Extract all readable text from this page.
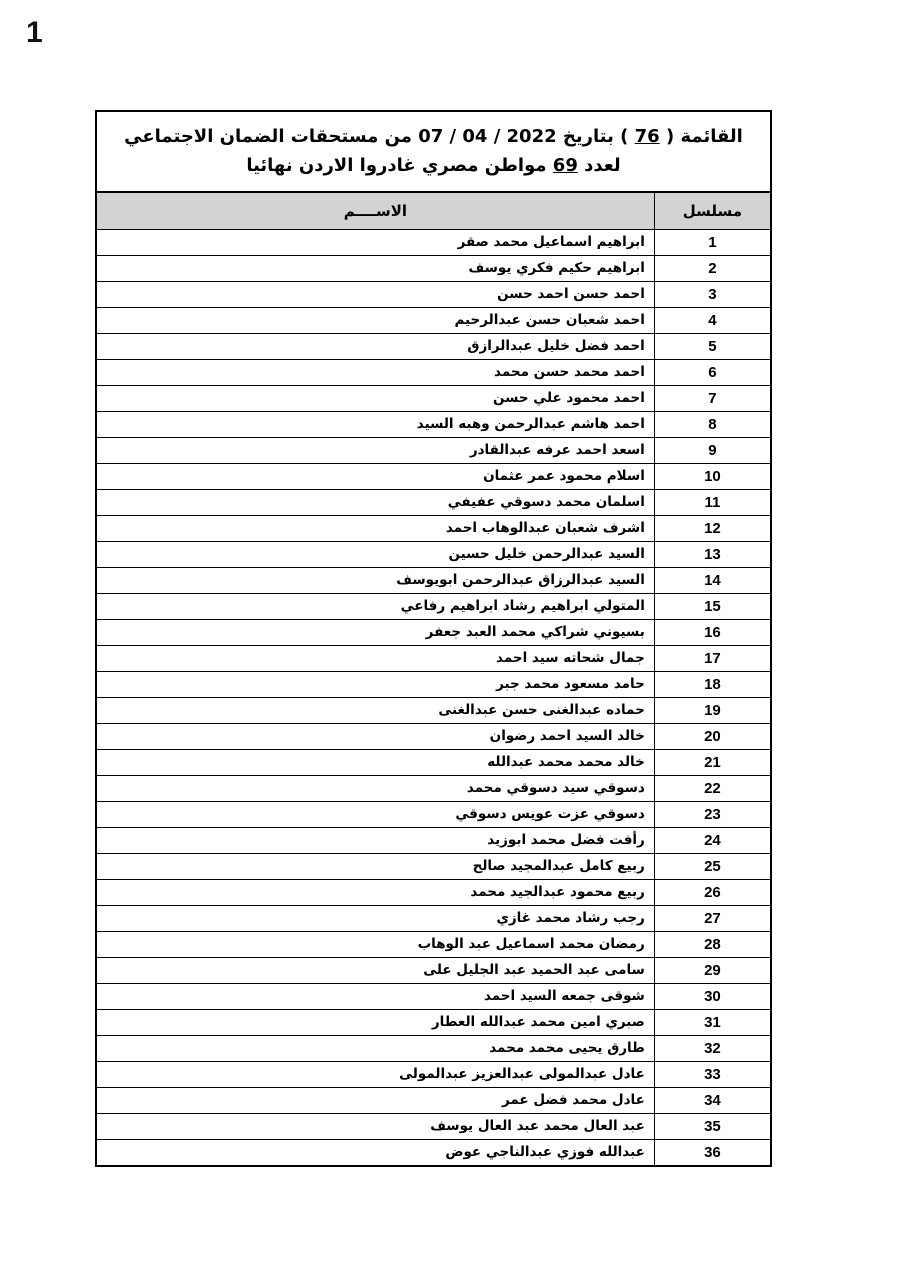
1
القائمة ( 76 ) بتاريخ 07 / 04 / 2022 من مستحقات الضمان الاجتماعي
لعدد 69 مواطن مصري غادروا الاردن نهائيا	

مسلسل	الاســــم
1	ابراهيم اسماعيل محمد صقر
2	ابراهيم حكيم فكري يوسف
3	احمد حسن احمد حسن
4	احمد شعبان حسن عبدالرحيم
5	احمد فضل خليل عبدالرازق
6	احمد محمد حسن محمد
7	احمد محمود علي حسن
8	احمد هاشم عبدالرحمن وهبه السيد
9	اسعد احمد عرفه عبدالقادر
10	اسلام محمود عمر عثمان
11	اسلمان محمد دسوقي عفيفي
12	اشرف شعبان عبدالوهاب احمد
13	السيد عبدالرحمن خليل حسين
14	السيد عبدالرزاق عبدالرحمن ابويوسف
15	المتولي ابراهيم رشاد ابراهيم رفاعي
16	بسيوني شراكي محمد العبد جعفر
17	جمال شحاته سيد احمد
18	حامد مسعود محمد جبر
19	حماده عبدالغنى حسن عبدالغنى
20	خالد السيد احمد رضوان
21	خالد محمد محمد عبدالله
22	دسوقي سيد دسوقي محمد
23	دسوقي عزت عويس دسوقي
24	رأفت فضل محمد ابوزيد
25	ربيع كامل عبدالمجيد صالح
26	ربيع محمود عبدالجيد محمد
27	رجب رشاد محمد غازي
28	رمضان محمد اسماعيل عبد الوهاب
29	سامى عبد الحميد عبد الجليل على
30	شوقى جمعه السيد احمد
31	صبري امين محمد عبدالله العطار
32	طارق يحيى محمد محمد
33	عادل عبدالمولى عبدالعزيز عبدالمولى
34	عادل محمد فضل عمر
35	عبد العال محمد عبد العال يوسف
36	عبدالله فوزي عبدالناجي عوض
